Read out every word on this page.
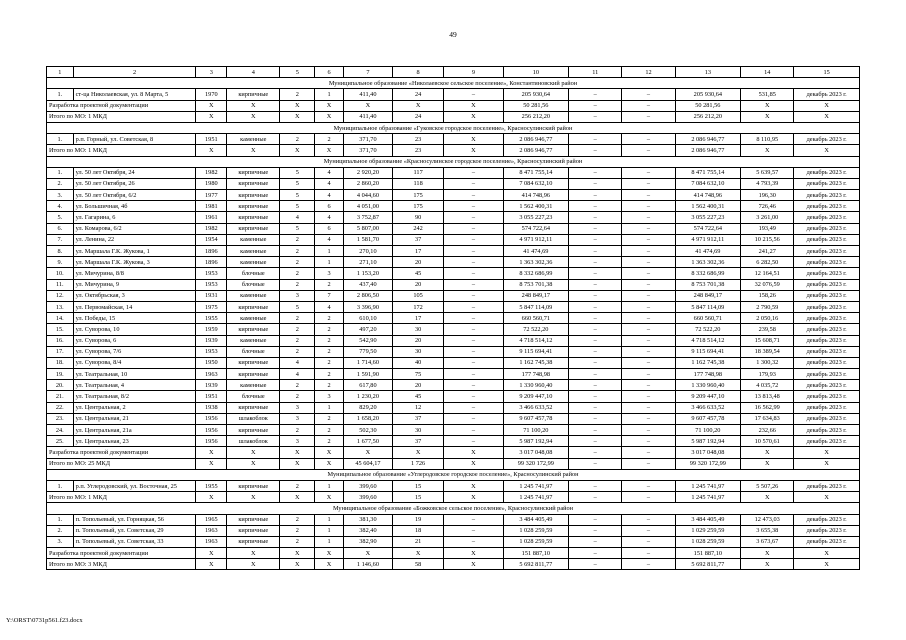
49
1	2	3	4	5	6	7	8	9	10	11	12	13	14	15
Муниципальное образование «Николаевское сельское поселение», Константиновский район														
1.	ст-ца Николаевская, ул. 8 Марта, 5	1970	кирпичные	2	1	411,40	24	–	205 930,64	–	–	205 930,64	531,85	декабрь 2023 г.
Разработка проектной документации		X	X	X	X	X	X	X	50 281,56	–	–	50 281,56	X	X
Итого по МО: 1 МКД		X	X	X	X	411,40	24	X	256 212,20	–	–	256 212,20	X	X
Муниципальное образование «Гуковское городское поселение», Красносулинский район														
1.	р.п. Горный, ул. Советская, 8	1951	каменные	2	2	371,70	23	X	2 086 946,77	–	–	2 086 946,77	8 110,95	декабрь 2023 г.
Итого по МО: 1 МКД		X	X	X	X	371,70	23	X	2 086 946,77	–	–	2 086 946,77	X	X
Муниципальное образование «Красносулинское городское поселение», Красносулинский район														
1.	ул. 50 лет Октября, 24	1982	кирпичные	5	4	2 920,20	117	–	8 471 755,14	–	–	8 471 755,14	5 639,57	декабрь 2023 г.
2.	ул. 50 лет Октября, 26	1980	кирпичные	5	4	2 860,20	118	–	7 084 632,10	–	–	7 084 632,10	4 793,39	декабрь 2023 г.
3.	ул. 50 лет Октября, 6/2	1977	кирпичные	5	4	4 044,60	175	–	414 748,96	–	–	414 748,96	196,30	декабрь 2023 г.
4.	ул. Большичная, 4б	1981	кирпичные	5	6	4 051,00	175	–	1 562 400,31	–	–	1 562 400,31	726,46	декабрь 2023 г.
5.	ул. Гагарина, 6	1961	кирпичные	4	4	3 752,87	90	–	3 055 227,23	–	–	3 055 227,23	3 261,00	декабрь 2023 г.
6.	ул. Комарова, 6/2	1982	кирпичные	5	6	5 807,00	242	–	574 722,64	–	–	574 722,64	193,49	декабрь 2023 г.
7.	ул. Ленина, 22	1954	каменные	2	4	1 581,70	37	–	4 971 912,11	–	–	4 971 912,11	10 215,56	декабрь 2023 г.
8.	ул. Маршала Г.К. Жукова, 1	1896	каменные	2	1	270,10	17	–	41 474,69	–	–	41 474,69	241,27	декабрь 2023 г.
9.	ул. Маршала Г.К. Жукова, 3	1896	каменные	2	1	271,10	20	–	1 363 302,36	–	–	1 363 302,36	6 282,50	декабрь 2023 г.
10.	ул. Мичурина, 8/8	1953	блочные	2	3	1 153,20	45	–	8 332 686,99	–	–	8 332 686,99	12 164,51	декабрь 2023 г.
11.	ул. Мичурина, 9	1953	блочные	2	2	437,40	20	–	8 753 701,38	–	–	8 753 701,38	32 076,59	декабрь 2023 г.
12.	ул. Октябрьская, 3	1931	каменные	3	7	2 806,50	105	–	248 849,17	–	–	248 849,17	158,26	декабрь 2023 г.
13.	ул. Первомайская, 14	1975	кирпичные	5	4	3 396,90	172	–	5 847 114,09	–	–	5 847 114,09	2 790,59	декабрь 2023 г.
14.	ул. Победы, 15	1955	каменные	2	2	610,10	17	–	660 560,71	–	–	660 560,71	2 050,16	декабрь 2023 г.
15.	ул. Суворова, 10	1959	кирпичные	2	2	497,20	30	–	72 522,20	–	–	72 522,20	239,58	декабрь 2023 г.
16.	ул. Суворова, 6	1939	каменные	2	2	542,90	20	–	4 718 514,12	–	–	4 718 514,12	15 608,71	декабрь 2023 г.
17.	ул. Суворова, 7/6	1953	блочные	2	2	779,50	30	–	9 115 694,41	–	–	9 115 694,41	18 389,54	декабрь 2023 г.
18.	ул. Суворова, 8/4	1950	кирпичные	4	2	1 714,60	40	–	1 162 745,38	–	–	1 162 745,38	1 300,32	декабрь 2023 г.
19.	ул. Театральная, 10	1963	кирпичные	4	2	1 591,90	75	–	177 748,98	–	–	177 748,98	179,93	декабрь 2023 г.
20.	ул. Театральная, 4	1939	каменные	2	2	617,80	20	–	1 330 960,40	–	–	1 330 960,40	4 035,72	декабрь 2023 г.
21.	ул. Театральная, 8/2	1951	блочные	2	3	1 230,20	45	–	9 209 447,10	–	–	9 209 447,10	13 813,48	декабрь 2023 г.
22.	ул. Центральная, 2	1938	кирпичные	3	1	829,20	12	–	3 466 633,52	–	–	3 466 633,52	16 562,99	декабрь 2023 г.
23.	ул. Центральная, 21	1956	шлакоблок	3	2	1 658,20	37	–	9 607 457,78	–	–	9 607 457,78	17 634,83	декабрь 2023 г.
24.	ул. Центральная, 21а	1956	кирпичные	2	2	502,30	30	–	71 100,20	–	–	71 100,20	232,66	декабрь 2023 г.
25.	ул. Центральная, 23	1956	шлакоблок	3	2	1 677,50	37	–	5 987 192,94	–	–	5 987 192,94	10 570,61	декабрь 2023 г.
Разработка проектной документации		X	X	X	X	X	X	X	3 017 048,08	–	–	3 017 048,08	X	X
Итого по МО: 25 МКД		X	X	X	X	45 604,17	1 726	X	99 320 172,99	–	–	99 320 172,99	X	X
Муниципальное образование «Углеродовское городское поселение», Красносулинский район														
1.	р.п. Углеродовский, ул. Восточная, 25	1955	кирпичные	2	1	399,60	15	X	1 245 741,97	–	–	1 245 741,97	5 507,26	декабрь 2023 г.
Итого по МО: 1 МКД		X	X	X	X	399,60	15	X	1 245 741,97	–	–	1 245 741,97	X	X
Муниципальное образование «Божковское сельское поселение», Красносулинский район														
1.	п. Топольевый, ул. Горняцкая, 56	1965	кирпичные	2	1	381,30	19	–	3 484 405,49	–	–	3 484 405,49	12 473,03	декабрь 2023 г.
2.	п. Топольевый, ул. Советская, 29	1963	кирпичные	2	1	382,40	18	–	1 028 259,59	–	–	1 029 259,59	3 655,38	декабрь 2023 г.
3.	п. Топольевый, ул. Советская, 33	1963	кирпичные	2	1	382,90	21	–	1 028 259,59	–	–	1 028 259,59	3 673,67	декабрь 2023 г.
Разработка проектной документации		X	X	X	X	X	X	X	151 887,10	–	–	151 887,10	X	X
Итого по МО: 3 МКД		X	X	X	X	1 146,60	58	X	5 692 811,77	–	–	5 692 811,77	X	X
Y:\ORST\0731p561.f23.docx
